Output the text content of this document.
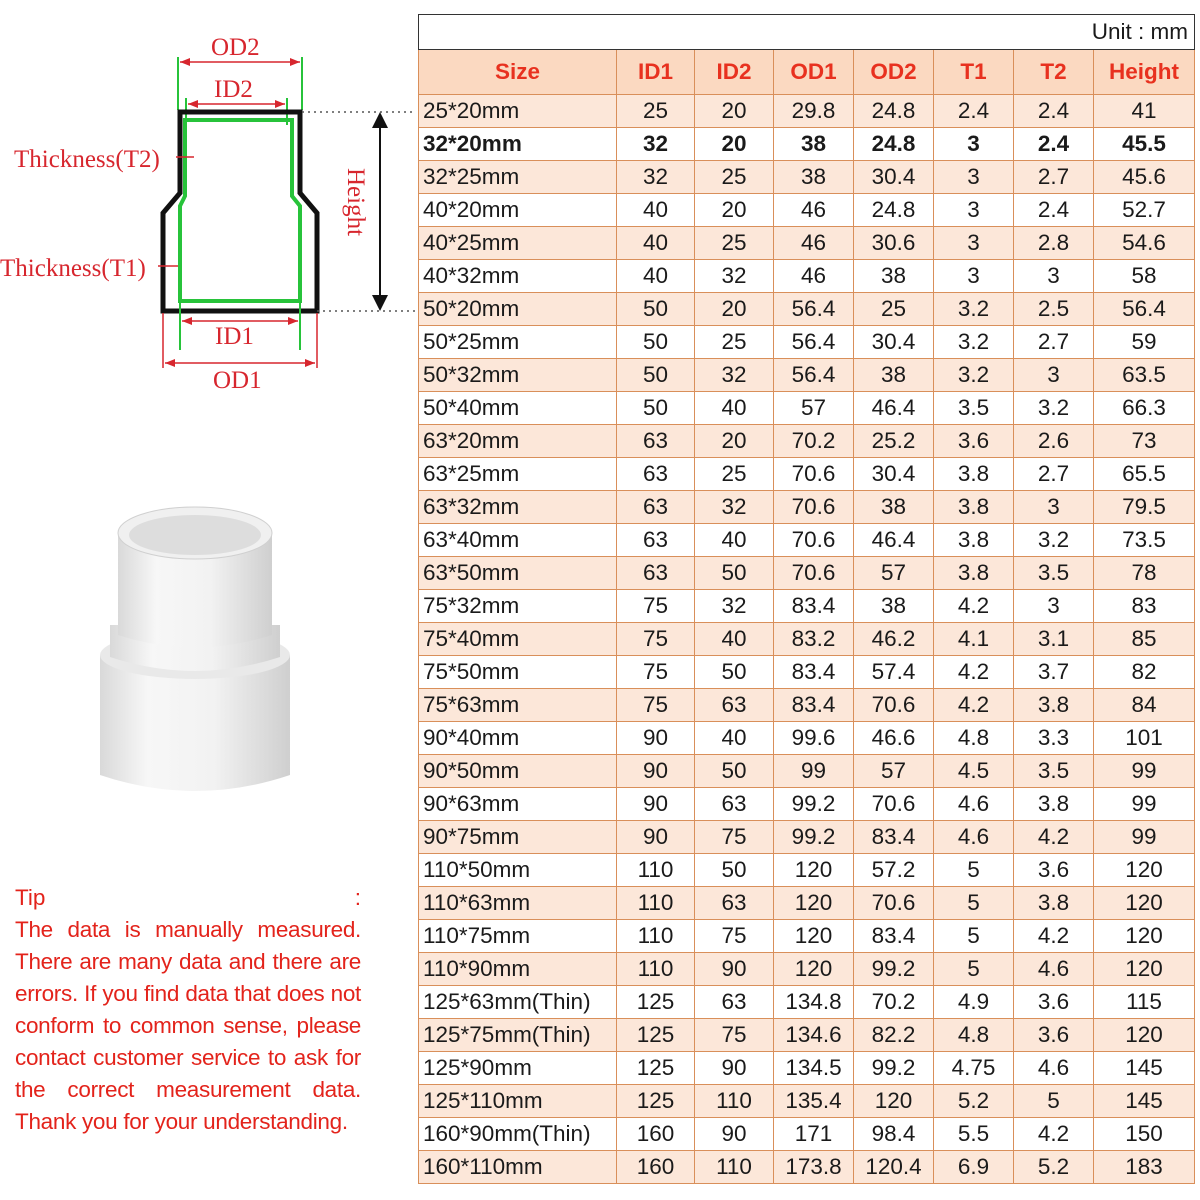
OD2
ID2
Height
Thickness(T2)
Thickness(T1)
ID1
OD1
Tip	:
The data is manually measured. There are many data and there are errors. If you find data that does not conform to common sense, please contact customer service to ask for the correct measurement data. Thank you for your understanding.
Unit : mm							
Size	ID1	ID2	OD1	OD2	T1	T2	Height
25*20mm	25	20	29.8	24.8	2.4	2.4	41
32*20mm	32	20	38	24.8	3	2.4	45.5
32*25mm	32	25	38	30.4	3	2.7	45.6
40*20mm	40	20	46	24.8	3	2.4	52.7
40*25mm	40	25	46	30.6	3	2.8	54.6
40*32mm	40	32	46	38	3	3	58
50*20mm	50	20	56.4	25	3.2	2.5	56.4
50*25mm	50	25	56.4	30.4	3.2	2.7	59
50*32mm	50	32	56.4	38	3.2	3	63.5
50*40mm	50	40	57	46.4	3.5	3.2	66.3
63*20mm	63	20	70.2	25.2	3.6	2.6	73
63*25mm	63	25	70.6	30.4	3.8	2.7	65.5
63*32mm	63	32	70.6	38	3.8	3	79.5
63*40mm	63	40	70.6	46.4	3.8	3.2	73.5
63*50mm	63	50	70.6	57	3.8	3.5	78
75*32mm	75	32	83.4	38	4.2	3	83
75*40mm	75	40	83.2	46.2	4.1	3.1	85
75*50mm	75	50	83.4	57.4	4.2	3.7	82
75*63mm	75	63	83.4	70.6	4.2	3.8	84
90*40mm	90	40	99.6	46.6	4.8	3.3	101
90*50mm	90	50	99	57	4.5	3.5	99
90*63mm	90	63	99.2	70.6	4.6	3.8	99
90*75mm	90	75	99.2	83.4	4.6	4.2	99
110*50mm	110	50	120	57.2	5	3.6	120
110*63mm	110	63	120	70.6	5	3.8	120
110*75mm	110	75	120	83.4	5	4.2	120
110*90mm	110	90	120	99.2	5	4.6	120
125*63mm(Thin)	125	63	134.8	70.2	4.9	3.6	115
125*75mm(Thin)	125	75	134.6	82.2	4.8	3.6	120
125*90mm	125	90	134.5	99.2	4.75	4.6	145
125*110mm	125	110	135.4	120	5.2	5	145
160*90mm(Thin)	160	90	171	98.4	5.5	4.2	150
160*110mm	160	110	173.8	120.4	6.9	5.2	183
